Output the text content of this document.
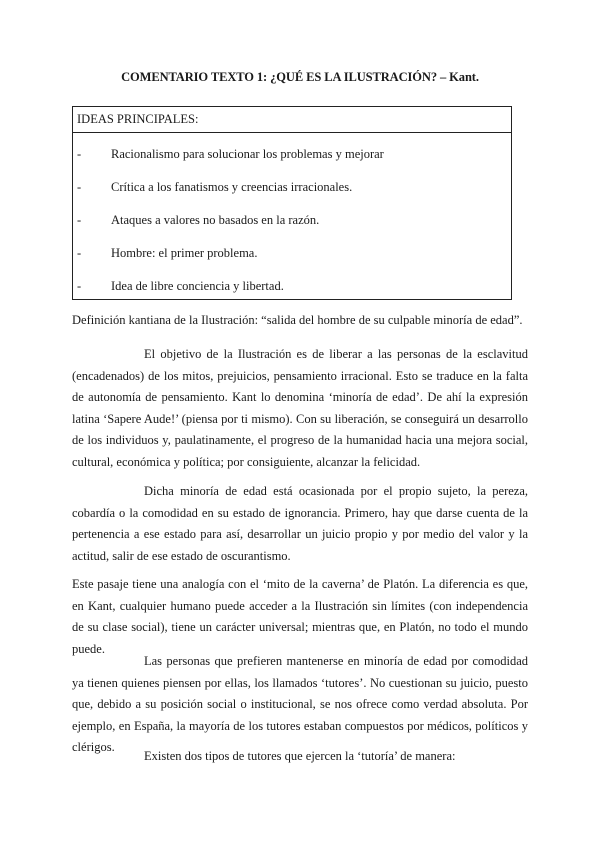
COMENTARIO TEXTO 1: ¿QUÉ ES LA ILUSTRACIÓN? – Kant.
IDEAS PRINCIPALES:
- Racionalismo para solucionar los problemas y mejorar
- Crítica a los fanatismos y creencias irracionales.
- Ataques a valores no basados en la razón.
- Hombre: el primer problema.
- Idea de libre conciencia y libertad.

Definición kantiana de la Ilustración: “salida del hombre de su culpable minoría de edad”.

El objetivo de la Ilustración es de liberar a las personas de la esclavitud (encadenados) de los mitos, prejuicios, pensamiento irracional. Esto se traduce en la falta de autonomía de pensamiento. Kant lo denomina ‘minoría de edad’. De ahí la expresión latina ‘Sapere Aude!’ (piensa por ti mismo). Con su liberación, se conseguirá un desarrollo de los individuos y, paulatinamente, el progreso de la humanidad hacia una mejora social, cultural, económica y política; por consiguiente, alcanzar la felicidad.

Dicha minoría de edad está ocasionada por el propio sujeto, la pereza, cobardía o la comodidad en su estado de ignorancia. Primero, hay que darse cuenta de la pertenencia a ese estado para así, desarrollar un juicio propio y por medio del valor y la actitud, salir de ese estado de oscurantismo.

Este pasaje tiene una analogía con el ‘mito de la caverna’ de Platón. La diferencia es que, en Kant, cualquier humano puede acceder a la Ilustración sin límites (con independencia de su clase social), tiene un carácter universal; mientras que, en Platón, no todo el mundo puede.

Las personas que prefieren mantenerse en minoría de edad por comodidad ya tienen quienes piensen por ellas, los llamados ‘tutores’. No cuestionan su juicio, puesto que, debido a su posición social o institucional, se nos ofrece como verdad absoluta. Por ejemplo, en España, la mayoría de los tutores estaban compuestos por médicos, políticos y clérigos.

Existen dos tipos de tutores que ejercen la ‘tutoría’ de manera:
